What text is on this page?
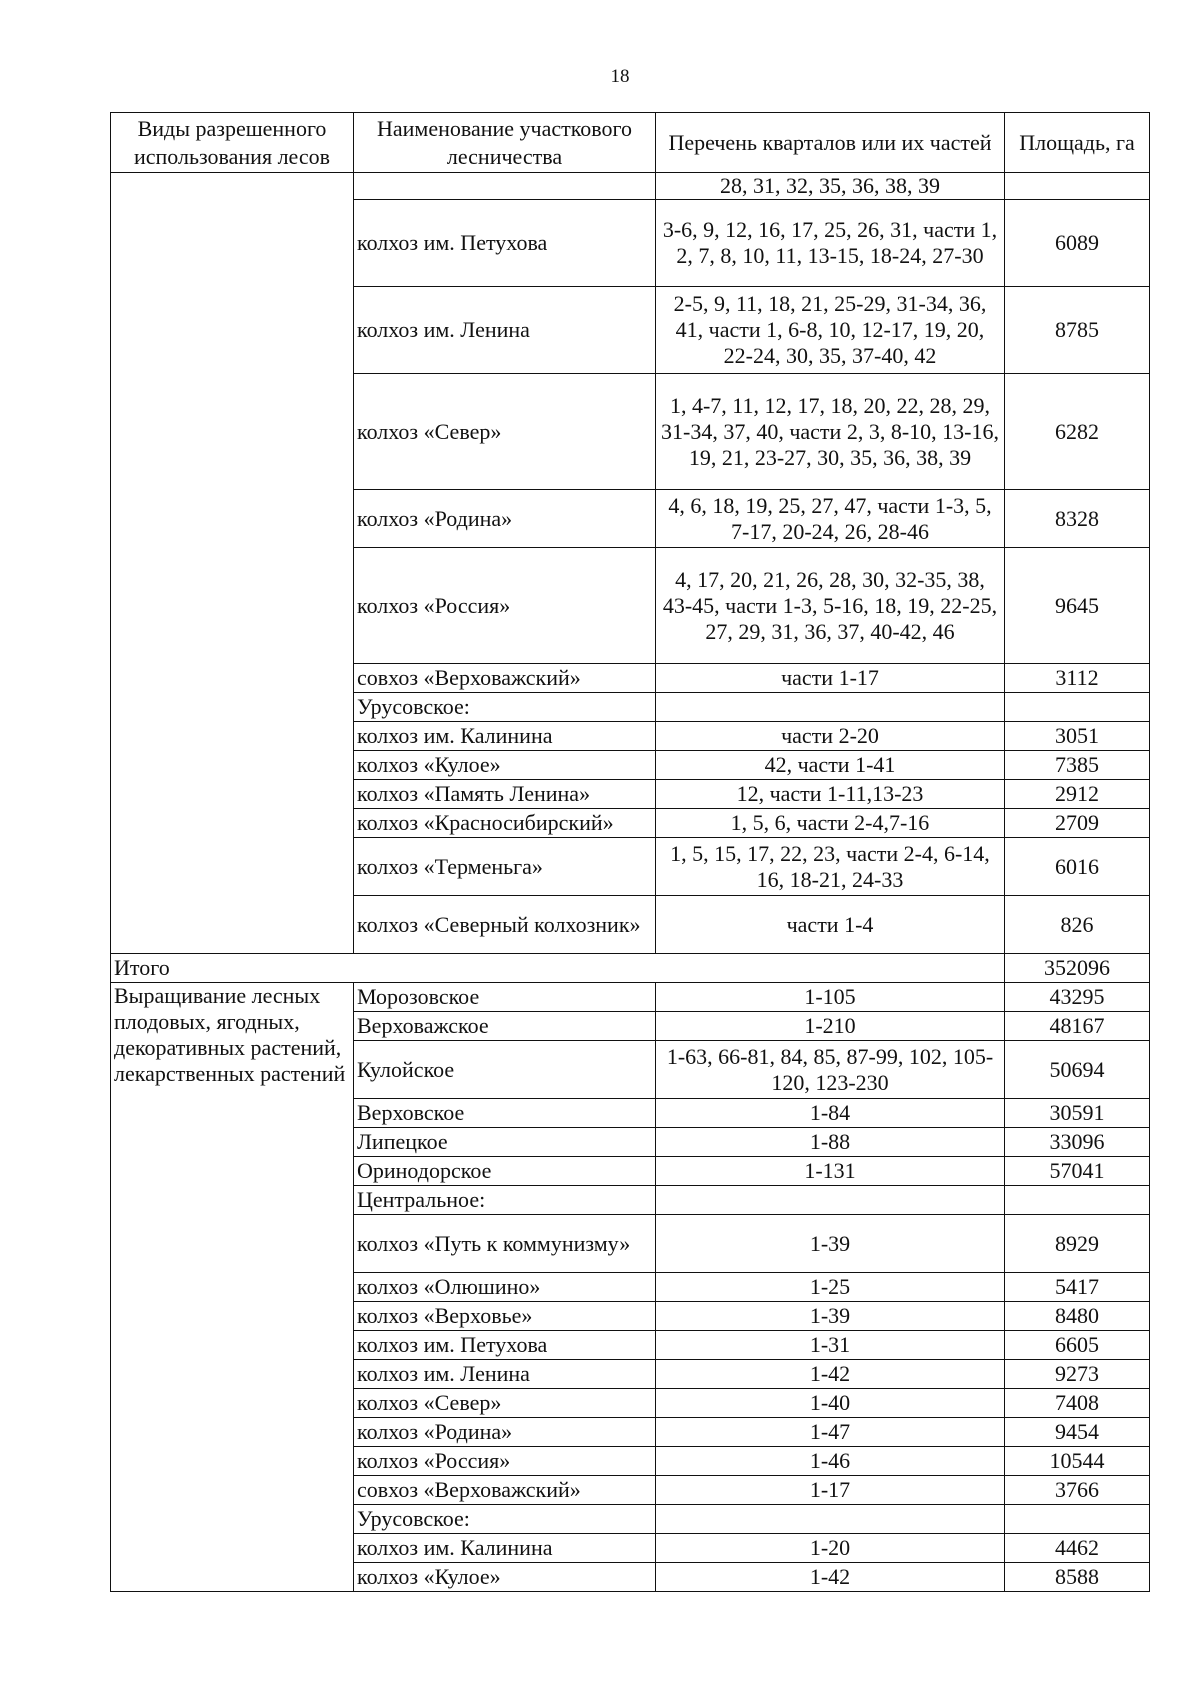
18
Виды разрешенного использования лесов	Наименование участкового лесничества	Перечень кварталов или их частей	Площадь, га
		28, 31, 32, 35, 36, 38, 39	
	колхоз им. Петухова	3-6, 9, 12, 16, 17, 25, 26, 31, части 1, 2, 7, 8, 10, 11, 13-15, 18-24, 27-30	6089
	колхоз им. Ленина	2-5, 9, 11, 18, 21, 25-29, 31-34, 36, 41, части 1, 6-8, 10, 12-17, 19, 20, 22-24, 30, 35, 37-40, 42	8785
	колхоз «Север»	1, 4-7, 11, 12, 17, 18, 20, 22, 28, 29, 31-34, 37, 40, части 2, 3, 8-10, 13-16, 19, 21, 23-27, 30, 35, 36, 38, 39	6282
	колхоз «Родина»	4, 6, 18, 19, 25, 27, 47, части 1-3, 5, 7-17, 20-24, 26, 28-46	8328
	колхоз «Россия»	4, 17, 20, 21, 26, 28, 30, 32-35, 38, 43-45, части 1-3, 5-16, 18, 19, 22-25, 27, 29, 31, 36, 37, 40-42, 46	9645
	совхоз «Верховажский»	части 1-17	3112
	Урусовское:		
	колхоз им. Калинина	части 2-20	3051
	колхоз «Кулое»	42, части 1-41	7385
	колхоз «Память Ленина»	12, части 1-11,13-23	2912
	колхоз «Красносибирский»	1, 5, 6, части 2-4,7-16	2709
	колхоз «Терменьга»	1, 5, 15, 17, 22, 23, части 2-4, 6-14, 16, 18-21, 24-33	6016
	колхоз «Северный колхозник»	части 1-4	826
Итого			352096
Выращивание лесных плодовых, ягодных, декоративных растений, лекарственных растений	Морозовское	1-105	43295
	Верховажское	1-210	48167
	Кулойское	1-63, 66-81, 84, 85, 87-99, 102, 105-120, 123-230	50694
	Верховское	1-84	30591
	Липецкое	1-88	33096
	Оринодорское	1-131	57041
	Центральное:		
	колхоз «Путь к коммунизму»	1-39	8929
	колхоз «Олюшино»	1-25	5417
	колхоз «Верховье»	1-39	8480
	колхоз им. Петухова	1-31	6605
	колхоз им. Ленина	1-42	9273
	колхоз «Север»	1-40	7408
	колхоз «Родина»	1-47	9454
	колхоз «Россия»	1-46	10544
	совхоз «Верховажский»	1-17	3766
	Урусовское:		
	колхоз им. Калинина	1-20	4462
	колхоз «Кулое»	1-42	8588
